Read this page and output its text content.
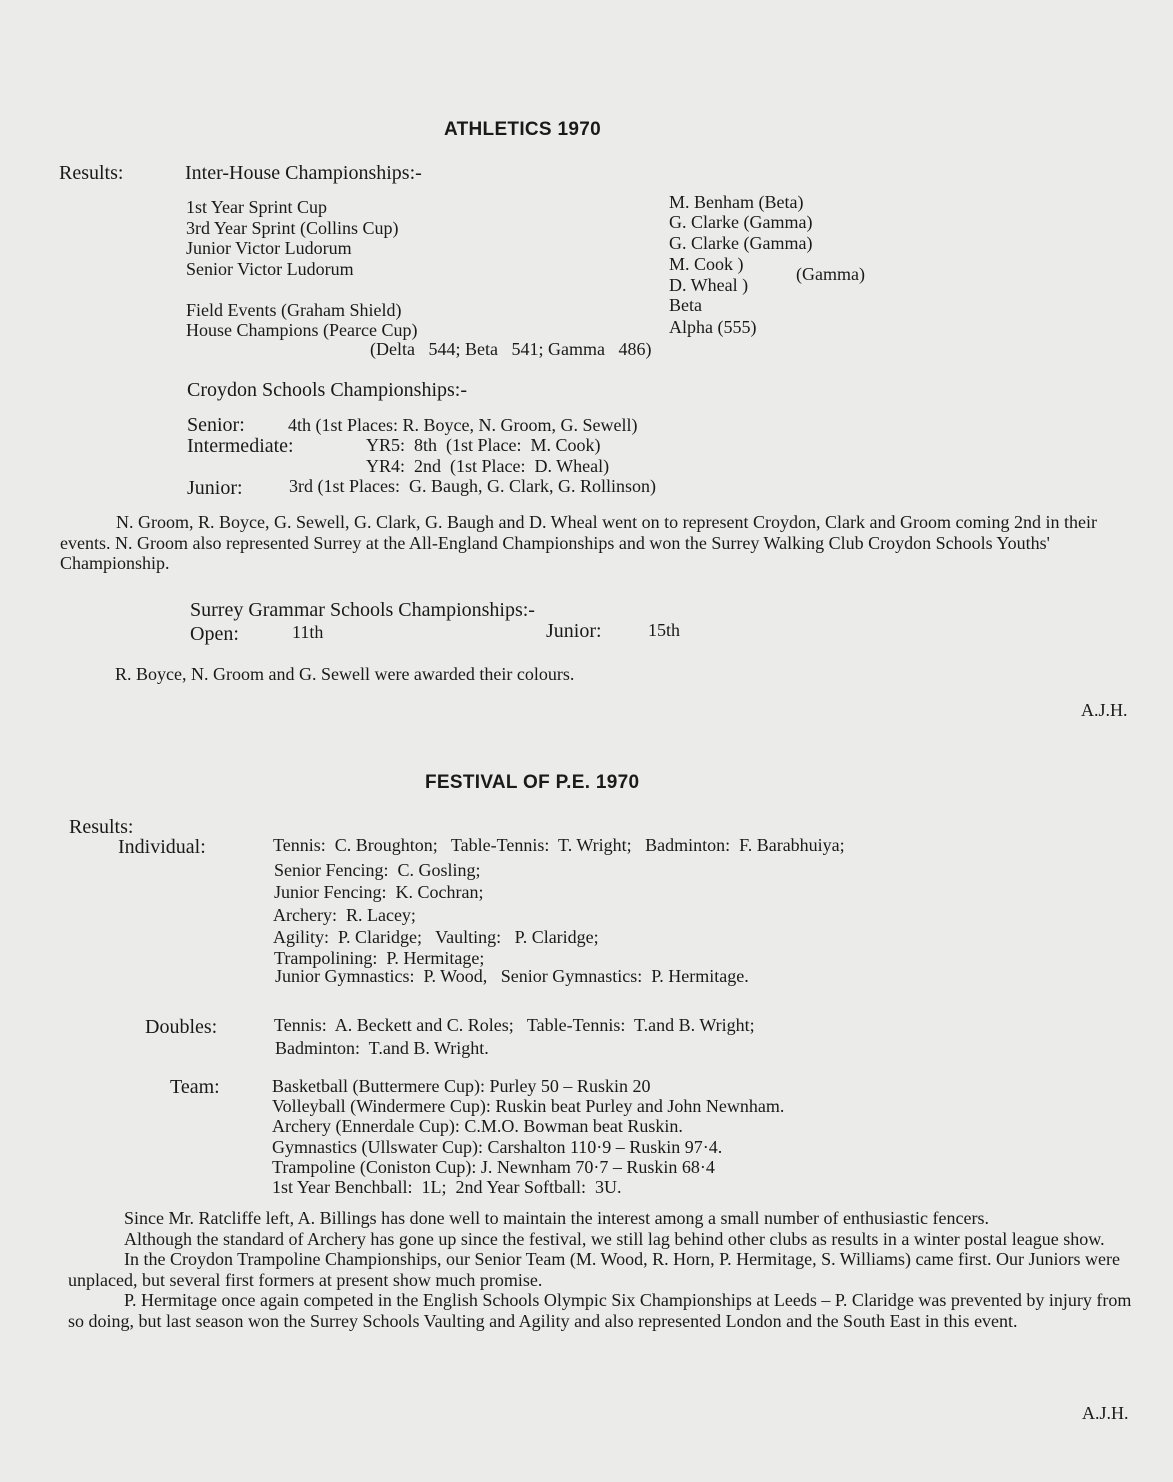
ATHLETICS 1970
Results:	Inter-House Championships:-
1st Year Sprint Cup	M. Benham (Beta)
3rd Year Sprint (Collins Cup)	G. Clarke (Gamma)
Junior Victor Ludorum	G. Clarke (Gamma)
Senior Victor Ludorum	M. Cook )
D. Wheal )
(Gamma)
Field Events (Graham Shield)	Beta
House Champions (Pearce Cup)	Alpha (555)
(Delta   544; Beta   541; Gamma   486)
Croydon Schools Championships:-
Senior: 4th (1st Places: R. Boyce, N. Groom, G. Sewell)
Intermediate:	YR5:  8th  (1st Place:  M. Cook)
YR4:  2nd  (1st Place:  D. Wheal)
Junior:	3rd (1st Places:  G. Baugh, G. Clark, G. Rollinson)

N. Groom, R. Boyce, G. Sewell, G. Clark, G. Baugh and D. Wheal went on to represent Croydon, Clark and Groom coming 2nd in their events. N. Groom also represented Surrey at the All-England Championships and won the Surrey Walking Club Croydon Schools Youths' Championship.

Surrey Grammar Schools Championships:-
Open:	11th	Junior:	15th
R. Boyce, N. Groom and G. Sewell were awarded their colours.
A.J.H.
FESTIVAL OF P.E. 1970
Results:
Individual:	Tennis:  C. Broughton;   Table-Tennis:  T. Wright;   Badminton:  F. Barabhuiya;
Senior Fencing:  C. Gosling;
Junior Fencing:  K. Cochran;
Archery:  R. Lacey;
Agility:  P. Claridge;   Vaulting:   P. Claridge;
Trampolining:  P. Hermitage;
Junior Gymnastics:  P. Wood,   Senior Gymnastics:  P. Hermitage.
Doubles:	Tennis:  A. Beckett and C. Roles;   Table-Tennis:  T.and B. Wright;
Badminton:  T.and B. Wright.
Team:	Basketball (Buttermere Cup): Purley 50 – Ruskin 20
Volleyball (Windermere Cup): Ruskin beat Purley and John Newnham.
Archery (Ennerdale Cup): C.M.O. Bowman beat Ruskin.
Gymnastics (Ullswater Cup): Carshalton 110·9 – Ruskin 97·4.
Trampoline (Coniston Cup): J. Newnham 70·7 – Ruskin 68·4
1st Year Benchball:  1L;  2nd Year Softball:  3U.

Since Mr. Ratcliffe left, A. Billings has done well to maintain the interest among a small number of enthusiastic fencers.

Although the standard of Archery has gone up since the festival, we still lag behind other clubs as results in a winter postal league show.

In the Croydon Trampoline Championships, our Senior Team (M. Wood, R. Horn, P. Hermitage, S. Williams) came first. Our Juniors were unplaced, but several first formers at present show much promise.

P. Hermitage once again competed in the English Schools Olympic Six Championships at Leeds – P. Claridge was prevented by injury from so doing, but last season won the Surrey Schools Vaulting and Agility and also represented London and the South East in this event.

A.J.H.
